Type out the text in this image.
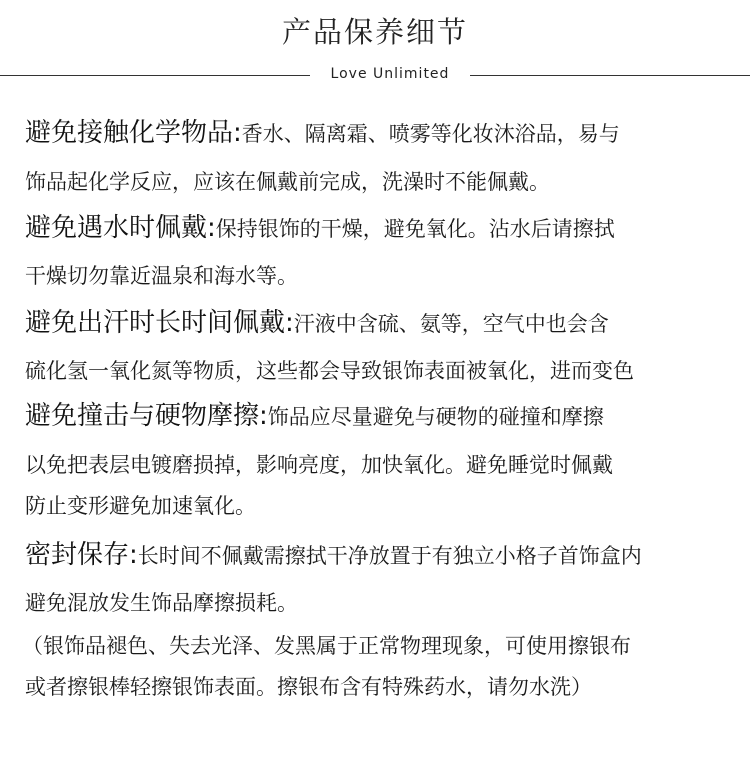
产品保养细节
Love Unlimited
避免接触化学物品:香水、隔离霜、喷雾等化妆沐浴品，易与
饰品起化学反应，应该在佩戴前完成，洗澡时不能佩戴。
避免遇水时佩戴:保持银饰的干燥，避免氧化。沾水后请擦拭
干燥切勿靠近温泉和海水等。
避免出汗时长时间佩戴:汗液中含硫、氨等，空气中也会含
硫化氢一氧化氮等物质，这些都会导致银饰表面被氧化，进而变色
避免撞击与硬物摩擦:饰品应尽量避免与硬物的碰撞和摩擦
以免把表层电镀磨损掉，影响亮度，加快氧化。避免睡觉时佩戴
防止变形避免加速氧化。
密封保存:长时间不佩戴需擦拭干净放置于有独立小格子首饰盒内
避免混放发生饰品摩擦损耗。
（银饰品褪色、失去光泽、发黑属于正常物理现象，可使用擦银布
或者擦银棒轻擦银饰表面。擦银布含有特殊药水，请勿水洗）
